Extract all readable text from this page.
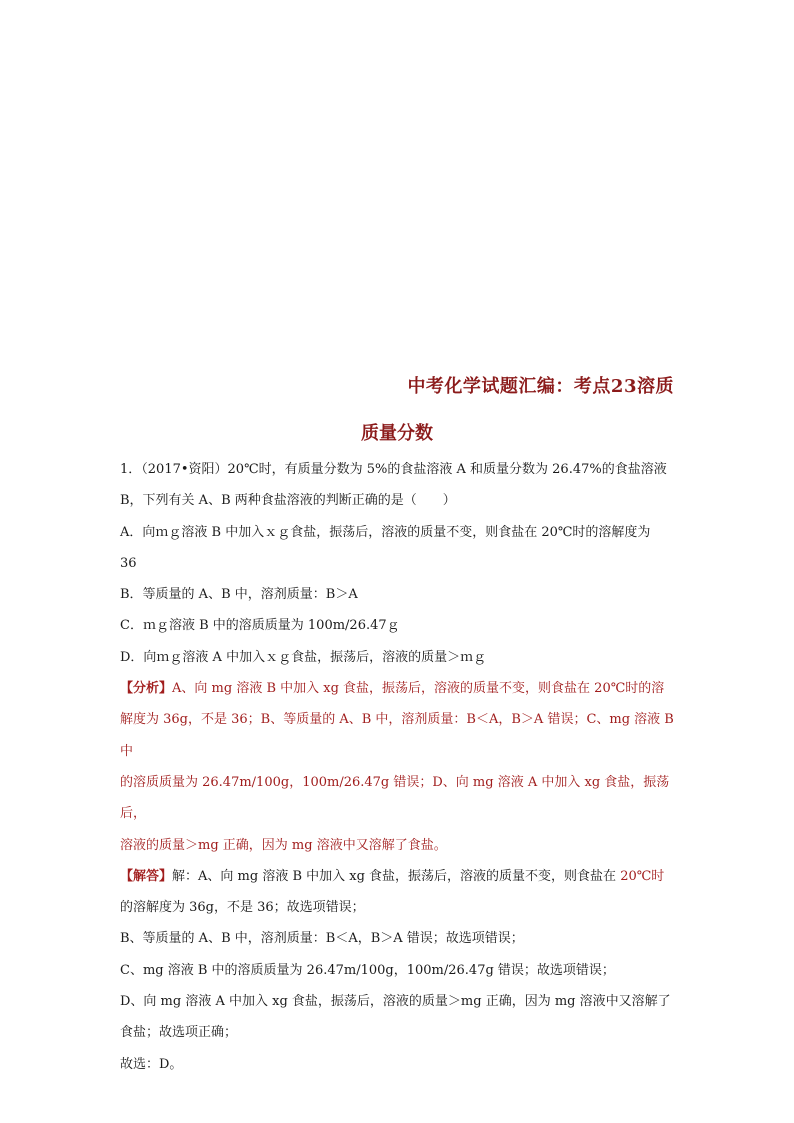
中考化学试题汇编：考点23溶质
质量分数

1．（2017•资阳）20℃时，有质量分数为 5%的食盐溶液 A 和质量分数为 26.47%的食盐溶液

B，下列有关 A、B 两种食盐溶液的判断正确的是（　　）

A．向ｍｇ溶液 B 中加入ｘｇ食盐，振荡后，溶液的质量不变，则食盐在 20℃时的溶解度为

36

B．等质量的 A、B 中，溶剂质量：B＞A

C．ｍｇ溶液 B 中的溶质质量为 100m/26.47ｇ

D．向ｍｇ溶液 A 中加入ｘｇ食盐，振荡后，溶液的质量＞ｍｇ

【分析】A、向 mg 溶液 B 中加入 xg 食盐，振荡后，溶液的质量不变，则食盐在 20℃时的溶

解度为 36g，不是 36；B、等质量的 A、B 中，溶剂质量：B＜A，B＞A 错误；C、mg 溶液 B 中

的溶质质量为 26.47m/100g，100m/26.47g 错误；D、向 mg 溶液 A 中加入 xg 食盐，振荡后，

溶液的质量＞mg 正确，因为 mg 溶液中又溶解了食盐。

【解答】解：A、向 mg 溶液 B 中加入 xg 食盐，振荡后，溶液的质量不变，则食盐在 20℃时

的溶解度为 36g，不是 36；故选项错误；

B、等质量的 A、B 中，溶剂质量：B＜A，B＞A 错误；故选项错误；

C、mg 溶液 B 中的溶质质量为 26.47m/100g，100m/26.47g 错误；故选项错误；

D、向 mg 溶液 A 中加入 xg 食盐，振荡后，溶液的质量＞mg 正确，因为 mg 溶液中又溶解了

食盐；故选项正确；

故选：D。
